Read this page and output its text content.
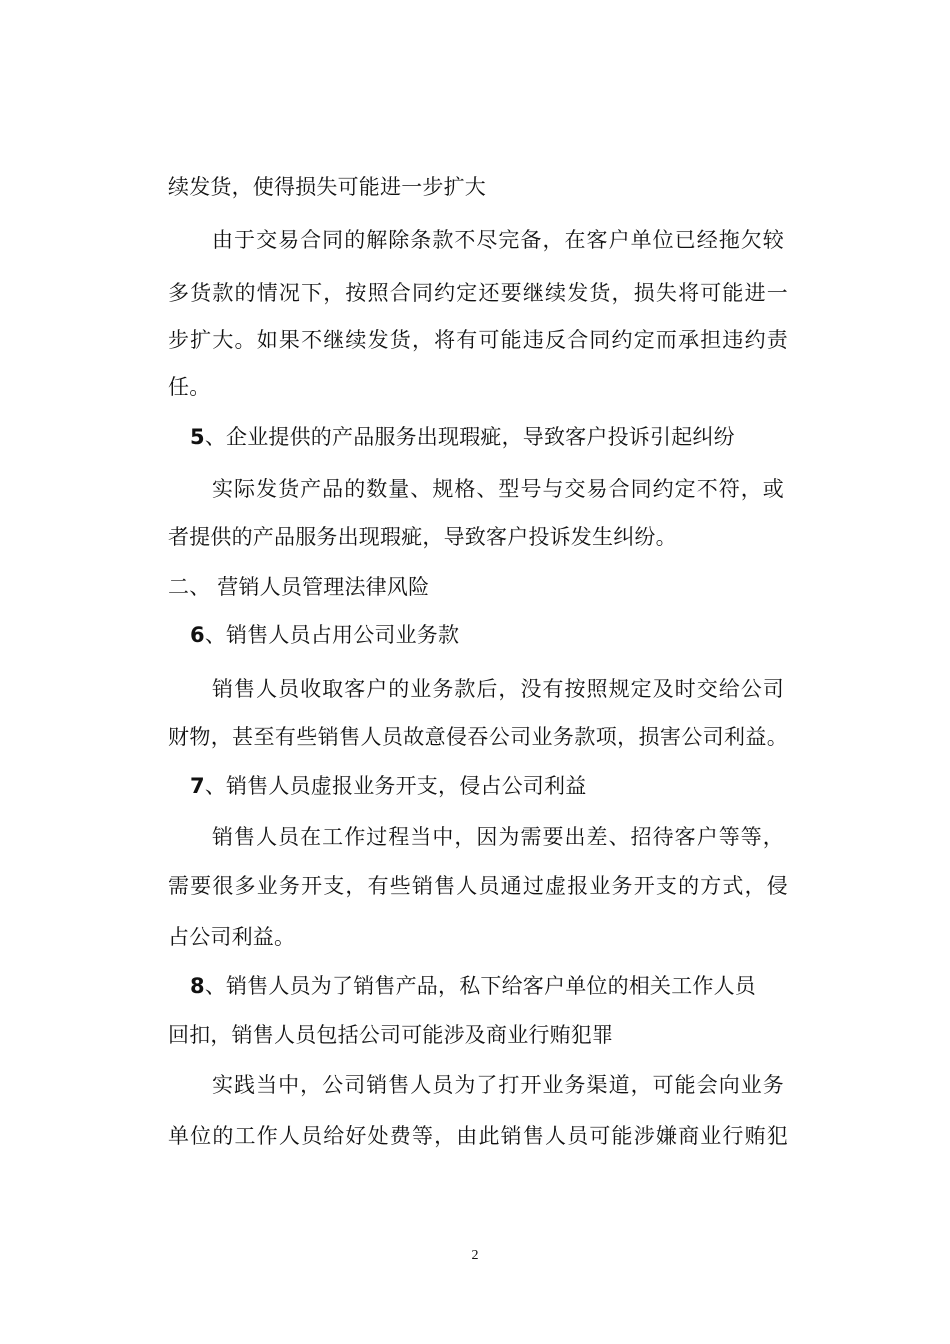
续发货，使得损失可能进一步扩大
由于交易合同的解除条款不尽完备，在客户单位已经拖欠较
多货款的情况下，按照合同约定还要继续发货，损失将可能进一
步扩大。如果不继续发货，将有可能违反合同约定而承担违约责
任。
5、企业提供的产品服务出现瑕疵，导致客户投诉引起纠纷
实际发货产品的数量、规格、型号与交易合同约定不符，或
者提供的产品服务出现瑕疵，导致客户投诉发生纠纷。
二、 营销人员管理法律风险
6、销售人员占用公司业务款
销售人员收取客户的业务款后，没有按照规定及时交给公司
财物，甚至有些销售人员故意侵吞公司业务款项，损害公司利益。
7、销售人员虚报业务开支，侵占公司利益
销售人员在工作过程当中，因为需要出差、招待客户等等，
需要很多业务开支，有些销售人员通过虚报业务开支的方式，侵
占公司利益。
8、销售人员为了销售产品，私下给客户单位的相关工作人员
回扣，销售人员包括公司可能涉及商业行贿犯罪
实践当中，公司销售人员为了打开业务渠道，可能会向业务
单位的工作人员给好处费等，由此销售人员可能涉嫌商业行贿犯
2
